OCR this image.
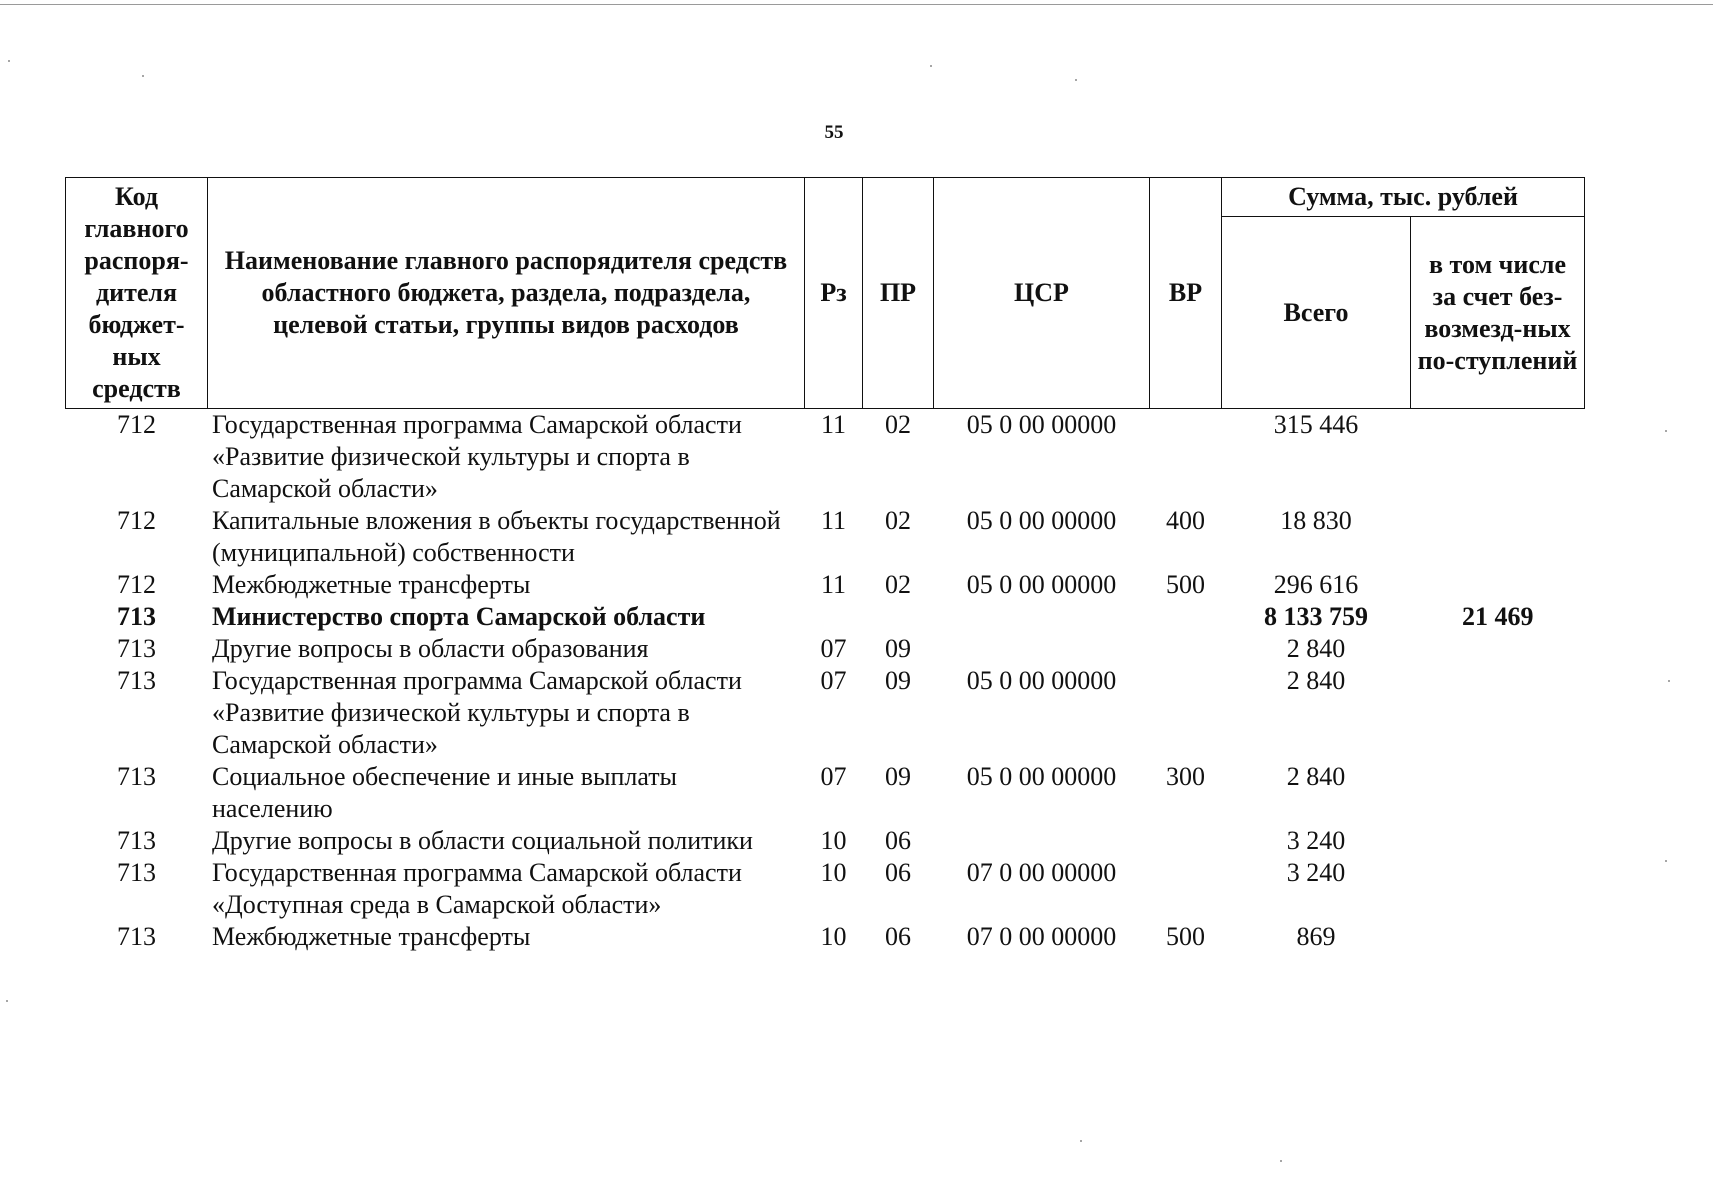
55
Код главного распоря-дителя бюджет-ных средств	Наименование главного распорядителя средств областного бюджета, раздела, подраздела, целевой статьи, группы видов расходов	Рз	ПР	ЦСР	ВР	Сумма, тыс. рублей	
						Всего	в том числе за счет без-возмезд-ных по-ступлений
712	Государственная программа Самарской области «Развитие физической культуры и спорта в Самарской области»	11	02	05 0 00 00000		315 446	
712	Капитальные вложения в объекты государственной (муниципальной) собственности	11	02	05 0 00 00000	400	18 830	
712	Межбюджетные трансферты	11	02	05 0 00 00000	500	296 616	
713	Министерство спорта Самарской области					8 133 759	21 469
713	Другие вопросы в области образования	07	09			2 840	
713	Государственная программа Самарской области «Развитие физической культуры и спорта в Самарской области»	07	09	05 0 00 00000		2 840	
713	Социальное обеспечение и иные выплаты населению	07	09	05 0 00 00000	300	2 840	
713	Другие вопросы в области социальной политики	10	06			3 240	
713	Государственная программа Самарской области «Доступная среда в Самарской области»	10	06	07 0 00 00000		3 240	
713	Межбюджетные трансферты	10	06	07 0 00 00000	500	869	
